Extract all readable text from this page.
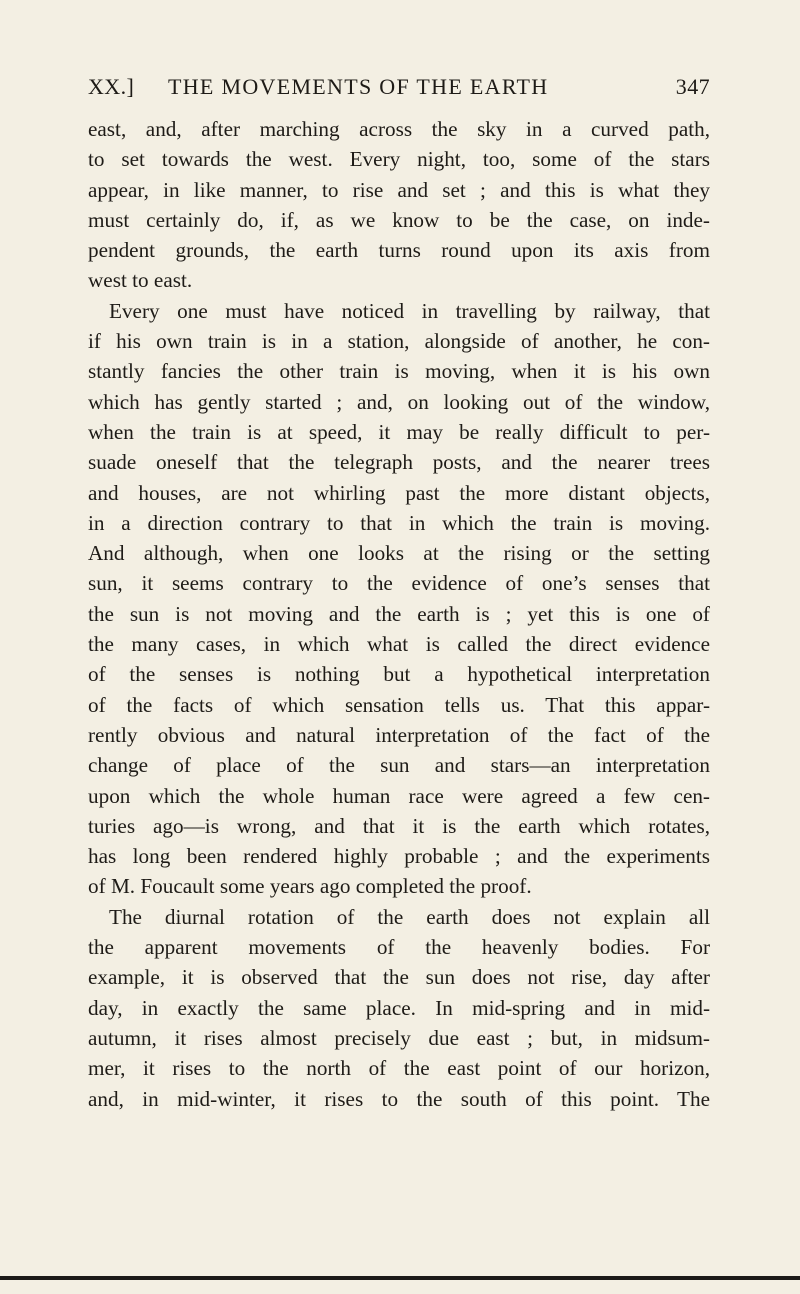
XX.] THE MOVEMENTS OF THE EARTH	347
east, and, after marching across the sky in a curved path,
to set towards the west. Every night, too, some of the stars
appear, in like manner, to rise and set ; and this is what they
must certainly do, if, as we know to be the case, on inde-
pendent grounds, the earth turns round upon its axis from
west to east.
Every one must have noticed in travelling by railway, that
if his own train is in a station, alongside of another, he con-
stantly fancies the other train is moving, when it is his own
which has gently started ; and, on looking out of the window,
when the train is at speed, it may be really difficult to per-
suade oneself that the telegraph posts, and the nearer trees
and houses, are not whirling past the more distant objects,
in a direction contrary to that in which the train is moving.
And although, when one looks at the rising or the setting
sun, it seems contrary to the evidence of one’s senses that
the sun is not moving and the earth is ; yet this is one of
the many cases, in which what is called the direct evidence
of the senses is nothing but a hypothetical interpretation
of the facts of which sensation tells us. That this appar-
rently obvious and natural interpretation of the fact of the
change of place of the sun and stars—an interpretation
upon which the whole human race were agreed a few cen-
turies ago—is wrong, and that it is the earth which rotates,
has long been rendered highly probable ; and the experiments
of M. Foucault some years ago completed the proof.
The diurnal rotation of the earth does not explain all
the apparent movements of the heavenly bodies. For
example, it is observed that the sun does not rise, day after
day, in exactly the same place. In mid-spring and in mid-
autumn, it rises almost precisely due east ; but, in midsum-
mer, it rises to the north of the east point of our horizon,
and, in mid-winter, it rises to the south of this point. The
